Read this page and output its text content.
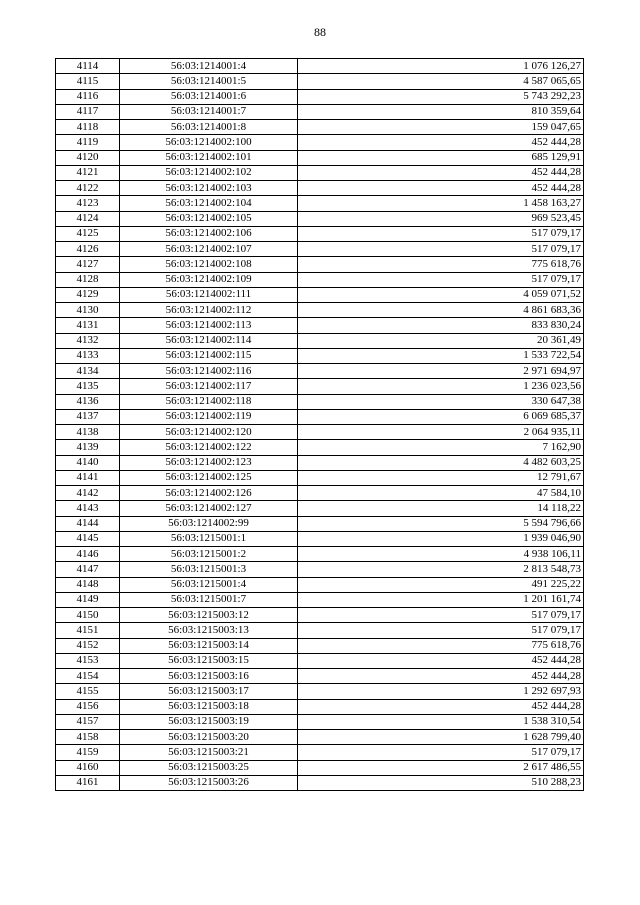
88
4114	56:03:1214001:4	1 076 126,27
4115	56:03:1214001:5	4 587 065,65
4116	56:03:1214001:6	5 743 292,23
4117	56:03:1214001:7	810 359,64
4118	56:03:1214001:8	159 047,65
4119	56:03:1214002:100	452 444,28
4120	56:03:1214002:101	685 129,91
4121	56:03:1214002:102	452 444,28
4122	56:03:1214002:103	452 444,28
4123	56:03:1214002:104	1 458 163,27
4124	56:03:1214002:105	969 523,45
4125	56:03:1214002:106	517 079,17
4126	56:03:1214002:107	517 079,17
4127	56:03:1214002:108	775 618,76
4128	56:03:1214002:109	517 079,17
4129	56:03:1214002:111	4 059 071,52
4130	56:03:1214002:112	4 861 683,36
4131	56:03:1214002:113	833 830,24
4132	56:03:1214002:114	20 361,49
4133	56:03:1214002:115	1 533 722,54
4134	56:03:1214002:116	2 971 694,97
4135	56:03:1214002:117	1 236 023,56
4136	56:03:1214002:118	330 647,38
4137	56:03:1214002:119	6 069 685,37
4138	56:03:1214002:120	2 064 935,11
4139	56:03:1214002:122	7 162,90
4140	56:03:1214002:123	4 482 603,25
4141	56:03:1214002:125	12 791,67
4142	56:03:1214002:126	47 584,10
4143	56:03:1214002:127	14 118,22
4144	56:03:1214002:99	5 594 796,66
4145	56:03:1215001:1	1 939 046,90
4146	56:03:1215001:2	4 938 106,11
4147	56:03:1215001:3	2 813 548,73
4148	56:03:1215001:4	491 225,22
4149	56:03:1215001:7	1 201 161,74
4150	56:03:1215003:12	517 079,17
4151	56:03:1215003:13	517 079,17
4152	56:03:1215003:14	775 618,76
4153	56:03:1215003:15	452 444,28
4154	56:03:1215003:16	452 444,28
4155	56:03:1215003:17	1 292 697,93
4156	56:03:1215003:18	452 444,28
4157	56:03:1215003:19	1 538 310,54
4158	56:03:1215003:20	1 628 799,40
4159	56:03:1215003:21	517 079,17
4160	56:03:1215003:25	2 617 486,55
4161	56:03:1215003:26	510 288,23
